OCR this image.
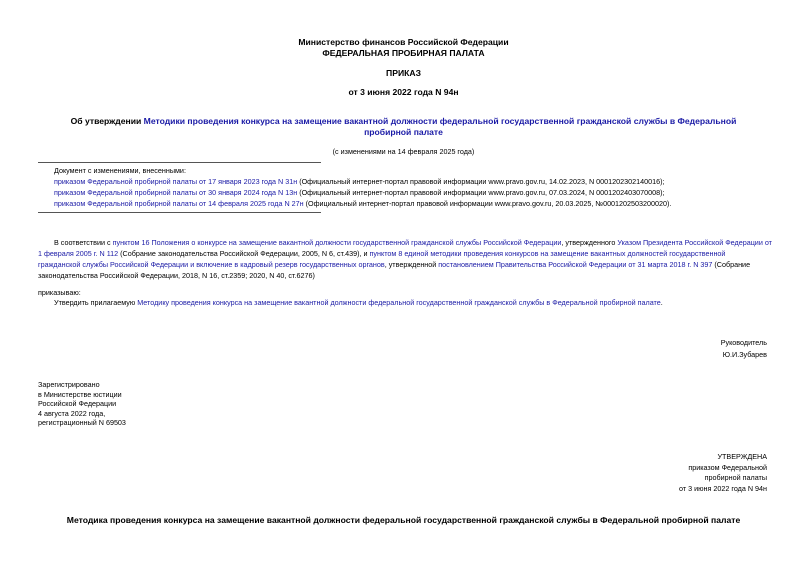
Министерство финансов Российской Федерации
ФЕДЕРАЛЬНАЯ ПРОБИРНАЯ ПАЛАТА
ПРИКАЗ
от 3 июня 2022 года N 94н
Об утверждении Методики проведения конкурса на замещение вакантной должности федеральной государственной гражданской службы в Федеральной
пробирной палате
(с изменениями на 14 февраля 2025 года)
Документ с изменениями, внесенными:
приказом Федеральной пробирной палаты от 17 января 2023 года N 31н (Официальный интернет-портал правовой информации www.pravo.gov.ru, 14.02.2023, N 0001202302140016);
приказом Федеральной пробирной палаты от 30 января 2024 года N 13н (Официальный интернет-портал правовой информации www.pravo.gov.ru, 07.03.2024, N 0001202403070008);
приказом Федеральной пробирной палаты от 14 февраля 2025 года N 27н (Официальный интернет-портал правовой информации www.pravo.gov.ru, 20.03.2025, №0001202503200020).
В соответствии с пунктом 16 Положения о конкурсе на замещение вакантной должности государственной гражданской службы Российской Федерации, утвержденного Указом Президента Российской Федерации от
1 февраля 2005 г. N 112 (Собрание законодательства Российской Федерации, 2005, N 6, ст.439), и пунктом 8 единой методики проведения конкурсов на замещение вакантных должностей государственной
гражданской службы Российской Федерации и включение в кадровый резерв государственных органов, утвержденной постановлением Правительства Российской Федерации от 31 марта 2018 г. N 397 (Собрание
законодательства Российской Федерации, 2018, N 16, ст.2359; 2020, N 40, ст.6276)
приказываю:
Утвердить прилагаемую Методику проведения конкурса на замещение вакантной должности федеральной государственной гражданской службы в Федеральной пробирной палате.
Руководитель
Ю.И.Зубарев
Зарегистрировано
в Министерстве юстиции
Российской Федерации
4 августа 2022 года,
регистрационный N 69503
УТВЕРЖДЕНА
приказом Федеральной
пробирной палаты
от 3 июня 2022 года N 94н
Методика проведения конкурса на замещение вакантной должности федеральной государственной гражданской службы в Федеральной пробирной палате
